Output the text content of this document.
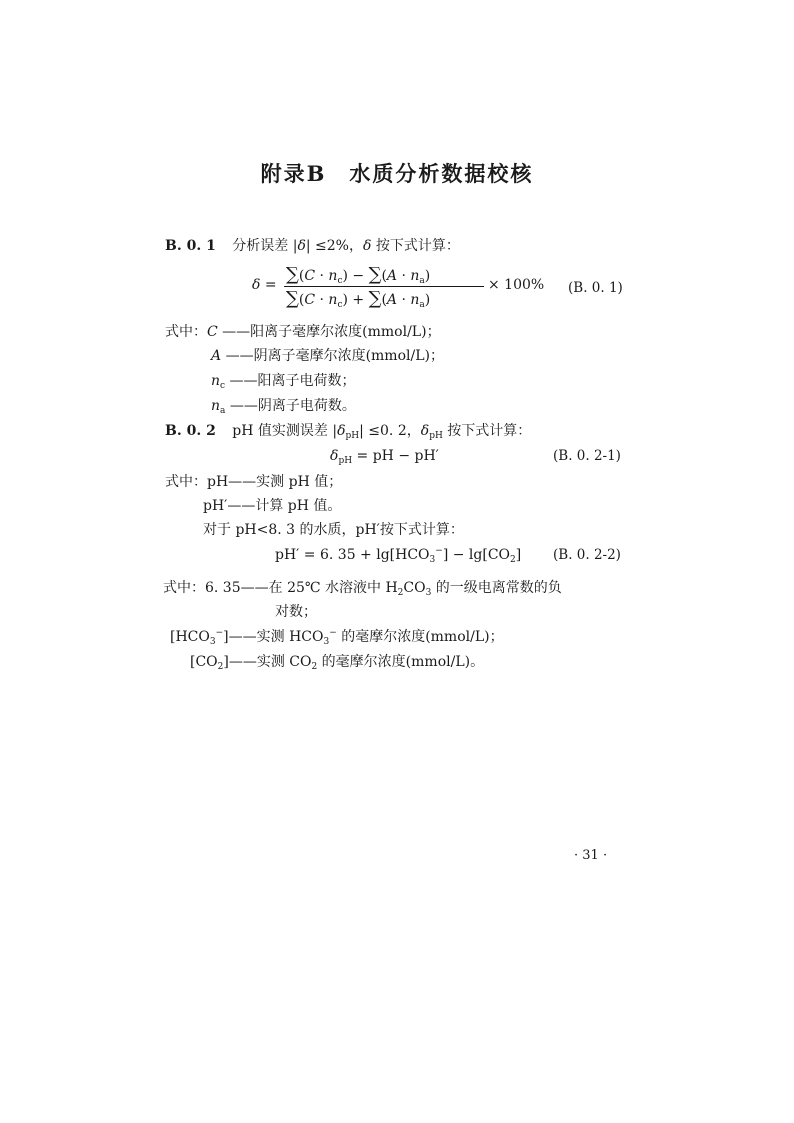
附录B　水质分析数据校核
B. 0. 1 分析误差 |δ| ≤2%，δ 按下式计算：
$\delta = \sum(C \cdot n_c) - \sum(A \cdot n_a)$
$\sum(C \cdot n_c) + \sum(A \cdot n_a)$
× 100% (B. 0. 1)
式中：C ——阳离子毫摩尔浓度(mmol/L)；
A ——阴离子毫摩尔浓度(mmol/L)；
$n_c$ ——阳离子电荷数；
$n_a$ ——阴离子电荷数。
B. 0. 2 pH 值实测误差 $|\delta_{pH}| \le 0$. 2，$\delta_{pH}$ 按下式计算：
$\delta_{pH}$ = pH − pH′	(B. 0. 2-1)
式中：pH——实测 pH 值；
pH′——计算 pH 值。
对于 pH<8. 3 的水质，pH′按下式计算：
pH′ = 6. $35 + \lg[HCO_3^-] - \lg[CO_2]$ (B. 0. 2-2)
式中：6. 35——在 25℃ 水溶液中 $H_2CO_3$ 的一级电离常数的负
对数；
$[HCO_3^-]——$实测 $HCO_3^-$ 的毫摩尔浓度(mmol/L)；
$[CO_2]——$实测 $CO_2$ 的毫摩尔浓度(mmol/L)。
· 31 ·
